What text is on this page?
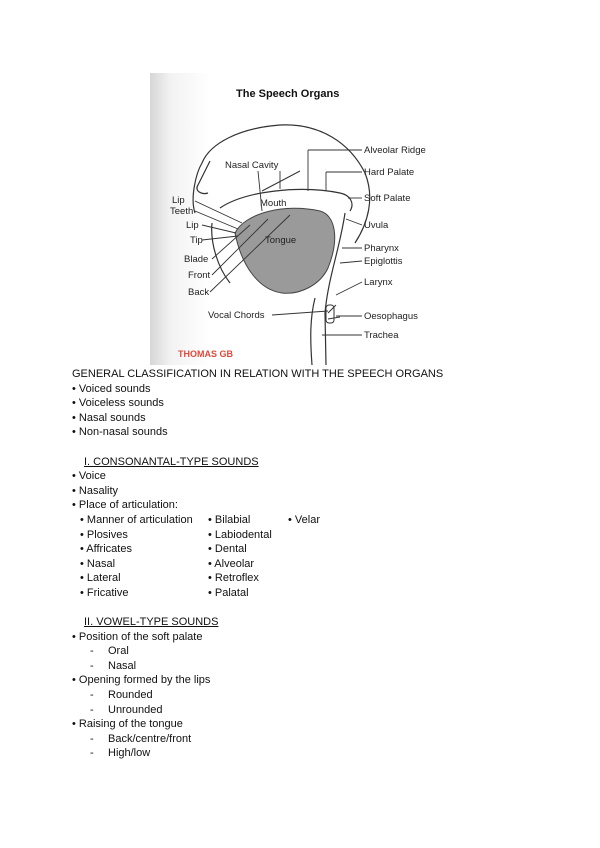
The Speech Organs
Lip
Teeth
Lip
Tip
Blade
Front
Back
Vocal Chords
Nasal Cavity
Mouth
Tongue
Alveolar Ridge
Hard Palate
Soft Palate
Uvula
Pharynx
Epiglottis
Larynx
Oesophagus
Trachea
THOMAS GB
GENERAL CLASSIFICATION IN RELATION WITH THE SPEECH ORGANS
• Voiced sounds
• Voiceless sounds
• Nasal sounds
• Non-nasal sounds
I. CONSONANTAL-TYPE SOUNDS
• Voice
• Nasality
• Place of articulation:
• Manner of articulation • Bilabial	• Velar
• Plosives	• Labiodental
• Affricates	• Dental
• Nasal	• Alveolar
• Lateral	• Retroflex
• Fricative	• Palatal
II. VOWEL-TYPE SOUNDS
• Position of the soft palate
- Oral
- Nasal
• Opening formed by the lips
- Rounded
- Unrounded
• Raising of the tongue
- Back/centre/front
- High/low
